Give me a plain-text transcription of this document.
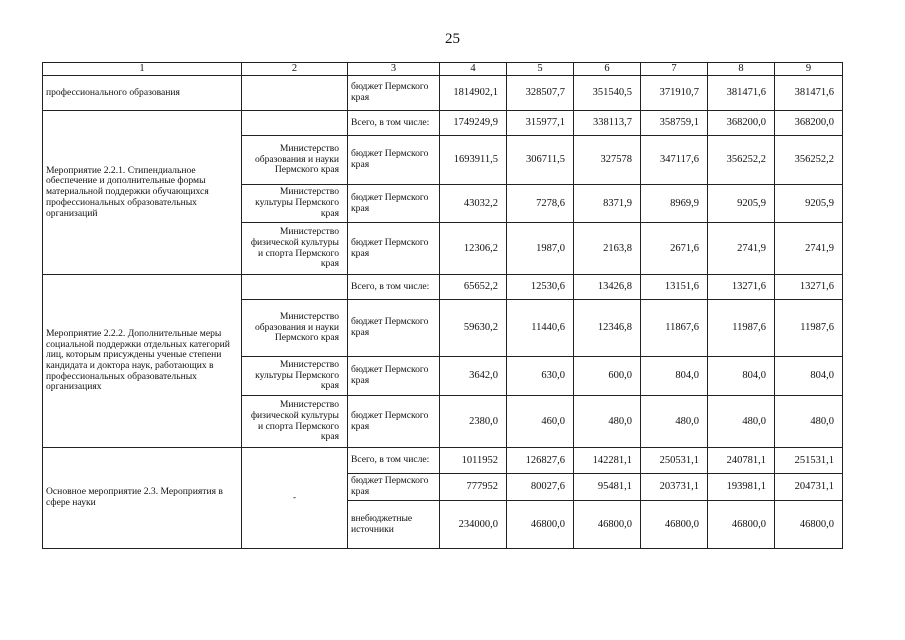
25
1	2	3	4	5	6	7	8	9
профессионального образования		бюджет Пермского края	1814902,1	328507,7	351540,5	371910,7	381471,6	381471,6
Мероприятие 2.2.1. Стипендиальное обеспечение и дополнительные формы материальной поддержки обучающихся профессиональных образовательных организаций		Всего, в том числе:	1749249,9	315977,1	338113,7	358759,1	368200,0	368200,0
	Министерство образования и науки Пермского края	бюджет Пермского края	1693911,5	306711,5	327578	347117,6	356252,2	356252,2
	Министерство культуры Пермского края	бюджет Пермского края	43032,2	7278,6	8371,9	8969,9	9205,9	9205,9
	Министерство физической культуры и спорта Пермского края	бюджет Пермского края	12306,2	1987,0	2163,8	2671,6	2741,9	2741,9
Мероприятие 2.2.2. Дополнительные меры социальной поддержки отдельных категорий лиц, которым присуждены ученые степени кандидата и доктора наук, работающих в профессиональных образовательных организациях		Всего, в том числе:	65652,2	12530,6	13426,8	13151,6	13271,6	13271,6
	Министерство образования и науки Пермского края	бюджет Пермского края	59630,2	11440,6	12346,8	11867,6	11987,6	11987,6
	Министерство культуры Пермского края	бюджет Пермского края	3642,0	630,0	600,0	804,0	804,0	804,0
	Министерство физической культуры и спорта Пермского края	бюджет Пермского края	2380,0	460,0	480,0	480,0	480,0	480,0
Основное мероприятие 2.3. Мероприятия в сфере науки	-	Всего, в том числе:	1011952	126827,6	142281,1	250531,1	240781,1	251531,1
		бюджет Пермского края	777952	80027,6	95481,1	203731,1	193981,1	204731,1
		внебюджетные источники	234000,0	46800,0	46800,0	46800,0	46800,0	46800,0
